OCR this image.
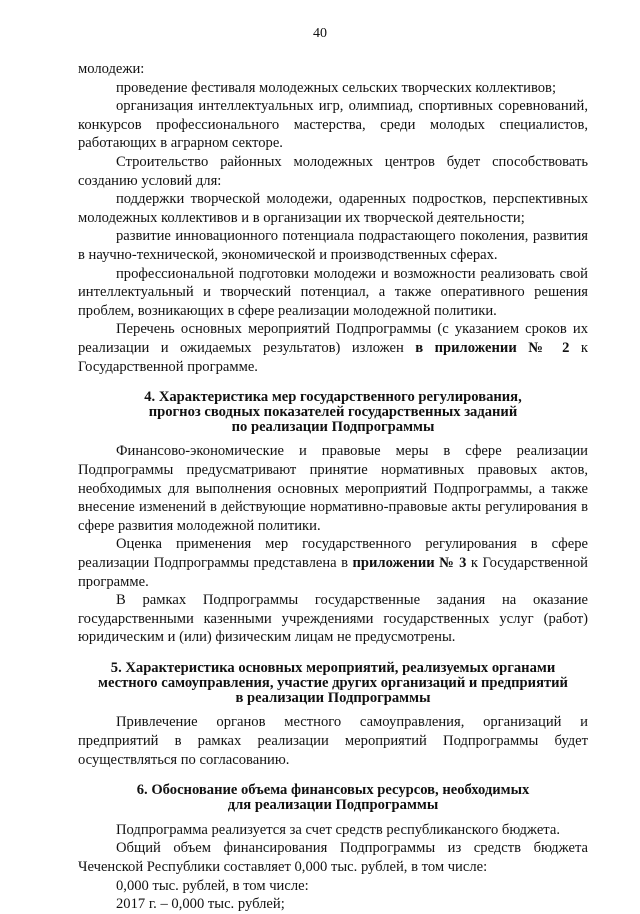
40

молодежи:

проведение фестиваля молодежных сельских творческих коллективов;

организация интеллектуальных игр, олимпиад, спортивных соревнований, конкурсов профессионального мастерства, среди молодых специалистов, работающих в аграрном секторе.

Строительство районных молодежных центров будет способствовать созданию условий для:

поддержки творческой молодежи, одаренных подростков, перспективных молодежных коллективов и в организации их творческой деятельности;

развитие инновационного потенциала подрастающего поколения, развития в научно-технической, экономической и производственных сферах.

профессиональной подготовки молодежи и возможности реализовать свой интеллектуальный и творческий потенциал, а также оперативного решения проблем, возникающих в сфере реализации молодежной политики.

Перечень основных мероприятий Подпрограммы (с указанием сроков их реализации и ожидаемых результатов) изложен в приложении № 2 к Государственной программе.

4. Характеристика мер государственного регулирования,
прогноз сводных показателей государственных заданий
по реализации Подпрограммы

Финансово-экономические и правовые меры в сфере реализации Подпрограммы предусматривают принятие нормативных правовых актов, необходимых для выполнения основных мероприятий Подпрограммы, а также внесение изменений в действующие нормативно-правовые акты регулирования в сфере развития молодежной политики.

Оценка применения мер государственного регулирования в сфере реализации Подпрограммы представлена в приложении № 3 к Государственной программе.

В рамках Подпрограммы государственные задания на оказание государственными казенными учреждениями государственных услуг (работ) юридическим и (или) физическим лицам не предусмотрены.

5. Характеристика основных мероприятий, реализуемых органами
местного самоуправления, участие других организаций и предприятий
в реализации Подпрограммы

Привлечение органов местного самоуправления, организаций и предприятий в рамках реализации мероприятий Подпрограммы будет осуществляться по согласованию.

6. Обоснование объема финансовых ресурсов, необходимых
для реализации Подпрограммы

Подпрограмма реализуется за счет средств республиканского бюджета.

Общий объем финансирования Подпрограммы из средств бюджета Чеченской Республики составляет 0,000 тыс. рублей, в том числе:

0,000 тыс. рублей, в том числе:

2017 г. – 0,000 тыс. рублей;
